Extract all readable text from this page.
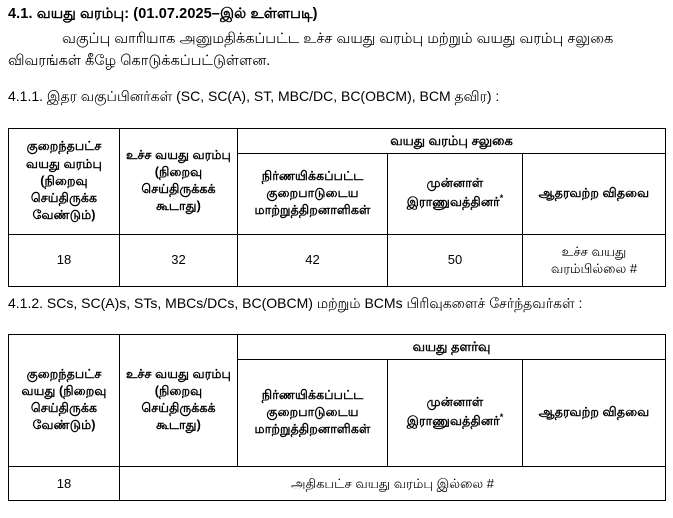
4.1. வயது வரம்பு: (01.07.2025–இல் உள்ளபடி)
வகுப்பு வாரியாக அனுமதிக்கப்பட்ட உச்ச வயது வரம்பு மற்றும் வயது வரம்பு சலுகை விவரங்கள் கீழே கொடுக்கப்பட்டுள்ளன.
4.1.1. இதர வகுப்பினர்கள் (SC, SC(A), ST, MBC/DC, BC(OBCM), BCM தவிர) :
குறைந்தபட்ச வயது வரம்பு (நிறைவு செய்திருக்க வேண்டும்)	உச்ச வயது வரம்பு (நிறைவு செய்திருக்கக் கூடாது)	வயது வரம்பு சலுகை		
		நிர்ணயிக்கப்பட்ட குறைபாடுடைய மாற்றுத்திறனாளிகள்	முன்னாள் இராணுவத்தினர்*	ஆதரவற்ற விதவை
18	32	42	50	உச்ச வயது வரம்பில்லை #
4.1.2. SCs, SC(A)s, STs, MBCs/DCs, BC(OBCM) மற்றும் BCMs பிரிவுகளைச் சேர்ந்தவர்கள் :
குறைந்தபட்ச வயது (நிறைவு செய்திருக்க வேண்டும்)	உச்ச வயது வரம்பு (நிறைவு செய்திருக்கக் கூடாது)	வயது தளர்வு		
		நிர்ணயிக்கப்பட்ட குறைபாடுடைய மாற்றுத்திறனாளிகள்	முன்னாள் இராணுவத்தினர்*	ஆதரவற்ற விதவை
18	அதிகபட்ச வயது வரம்பு இல்லை #			
